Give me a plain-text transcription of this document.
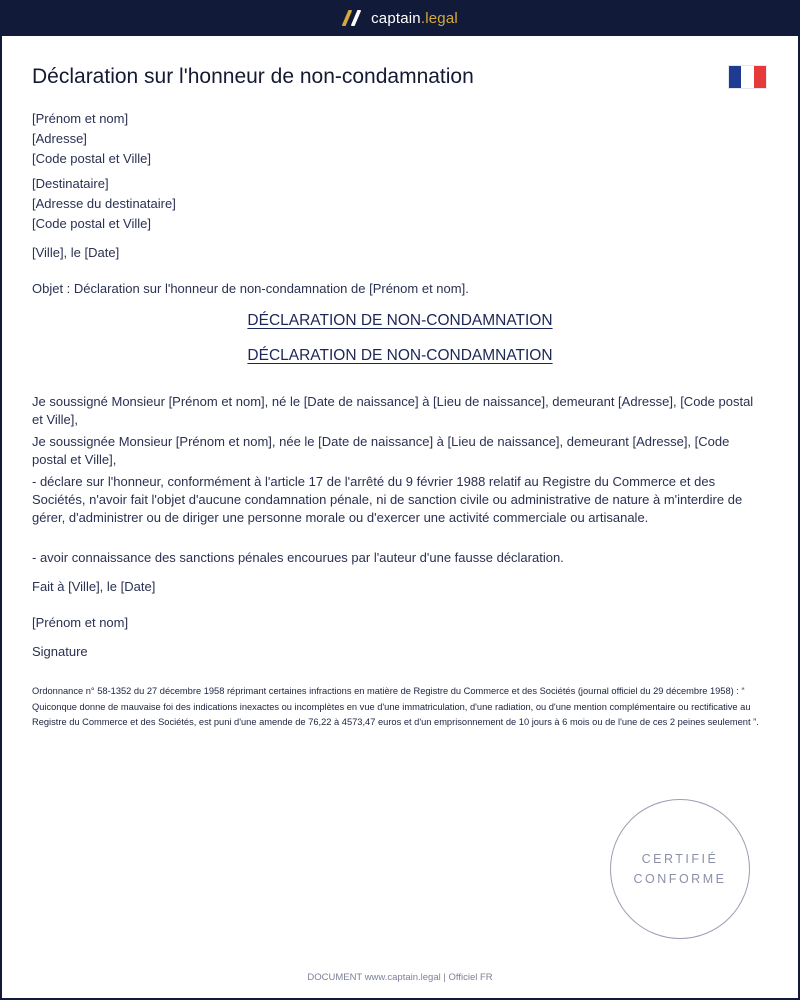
captain.legal
Déclaration sur l'honneur de non-condamnation

[Prénom et nom]

[Adresse]

[Code postal et Ville]

[Destinataire]

[Adresse du destinataire]

[Code postal et Ville]

[Ville], le [Date]

Objet : Déclaration sur l'honneur de non-condamnation de [Prénom et nom].

DÉCLARATION DE NON-CONDAMNATION

DÉCLARATION DE NON-CONDAMNATION

Je soussigné Monsieur [Prénom et nom], né le [Date de naissance] à [Lieu de naissance], demeurant [Adresse], [Code postal et Ville],

Je soussignée Monsieur [Prénom et nom], née le [Date de naissance] à [Lieu de naissance], demeurant [Adresse], [Code postal et Ville],

- déclare sur l'honneur, conformément à l'article 17 de l'arrêté du 9 février 1988 relatif au Registre du Commerce et des Sociétés, n'avoir fait l'objet d'aucune condamnation pénale, ni de sanction civile ou administrative de nature à m'interdire de gérer, d'administrer ou de diriger une personne morale ou d'exercer une activité commerciale ou artisanale.

- avoir connaissance des sanctions pénales encourues par l'auteur d'une fausse déclaration.

Fait à [Ville], le [Date]

[Prénom et nom]

Signature

Ordonnance n° 58-1352 du 27 décembre 1958 réprimant certaines infractions en matière de Registre du Commerce et des Sociétés (journal officiel du 29 décembre 1958) : “ Quiconque donne de mauvaise foi des indications inexactes ou incomplètes en vue d'une immatriculation, d'une radiation, ou d'une mention complémentaire ou rectificative au Registre du Commerce et des Sociétés, est puni d'une amende de 76,22 à 4573,47 euros et d'un emprisonnement de 10 jours à 6 mois ou de l'une de ces 2 peines seulement ”.

CERTIFIÉ
CONFORME

DOCUMENT www.captain.legal | Officiel FR
